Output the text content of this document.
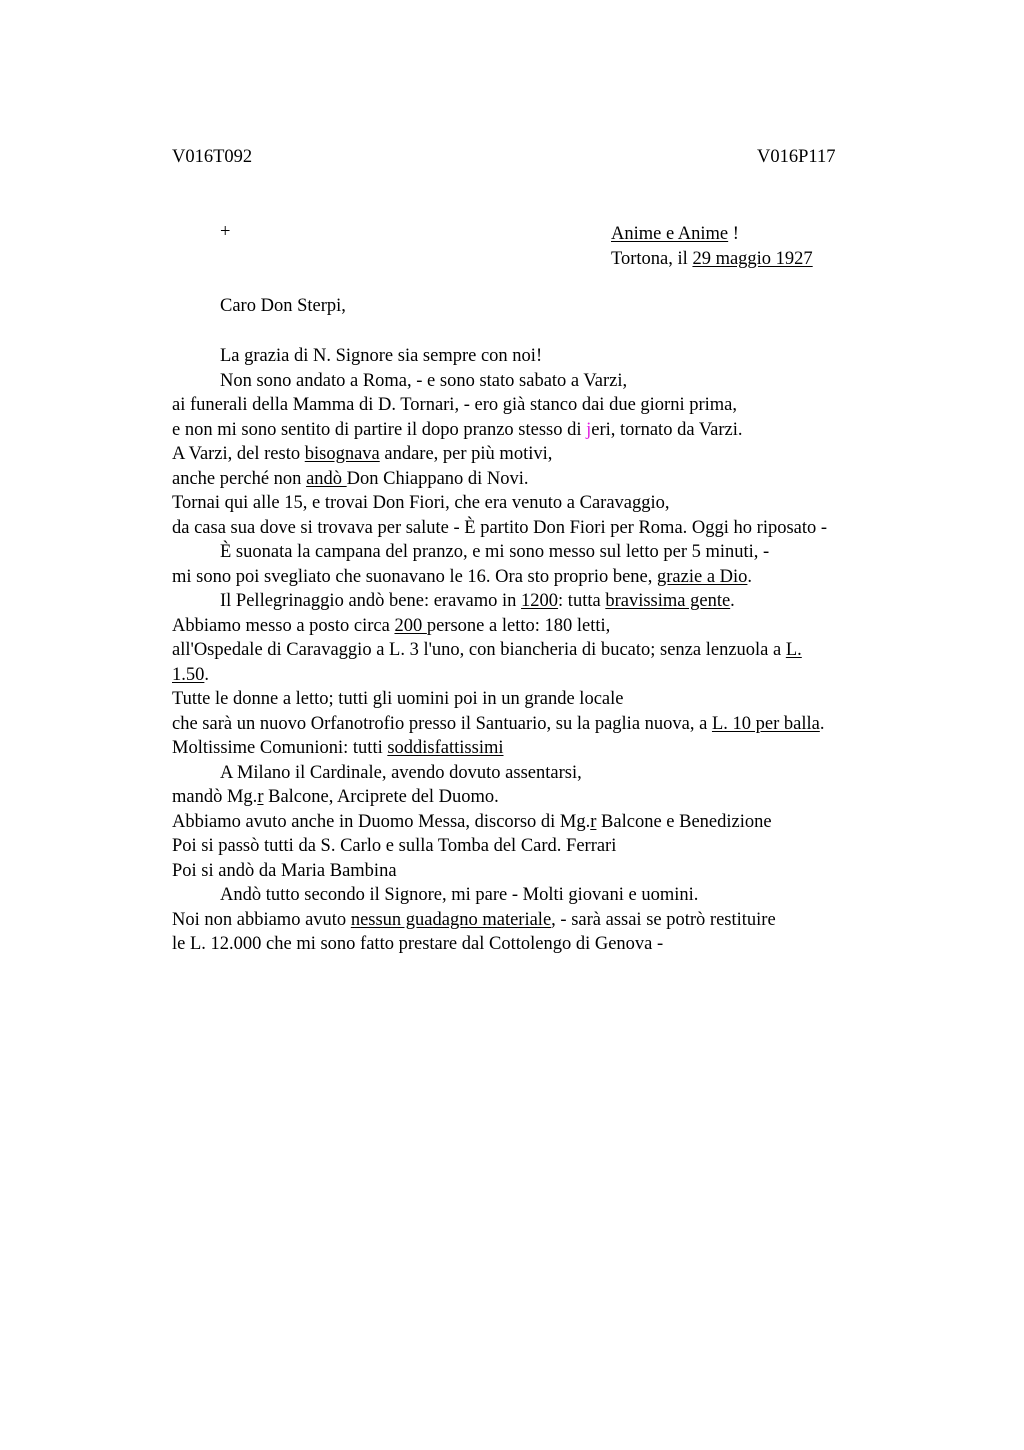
V016T092	V016P117
+	Anime e Anime !
Tortona, il 29 maggio 1927
Caro Don Sterpi,
La grazia di N. Signore sia sempre con noi!
Non sono andato a Roma, - e sono stato sabato a Varzi,
ai funerali della Mamma di D. Tornari, - ero già stanco dai due giorni prima,
e non mi sono sentito di partire il dopo pranzo stesso di jeri, tornato da Varzi.
A Varzi, del resto bisognava andare, per più motivi,
anche perché non andò Don Chiappano di Novi.
Tornai qui alle 15, e trovai Don Fiori, che era venuto a Caravaggio,
da casa sua dove si trovava per salute - È partito Don Fiori per Roma. Oggi ho riposato -
È suonata la campana del pranzo, e mi sono messo sul letto per 5 minuti, -
mi sono poi svegliato che suonavano le 16. Ora sto proprio bene, grazie a Dio.
Il Pellegrinaggio andò bene: eravamo in 1200: tutta bravissima gente.
Abbiamo messo a posto circa 200 persone a letto: 180 letti,
all'Ospedale di Caravaggio a L. 3 l'uno, con biancheria di bucato; senza lenzuola a L.
1.50.
Tutte le donne a letto; tutti gli uomini poi in un grande locale
che sarà un nuovo Orfanotrofio presso il Santuario, su la paglia nuova, a L. 10 per balla.
Moltissime Comunioni: tutti soddisfattissimi
A Milano il Cardinale, avendo dovuto assentarsi,
mandò Mg.r Balcone, Arciprete del Duomo.
Abbiamo avuto anche in Duomo Messa, discorso di Mg.r Balcone e Benedizione
Poi si passò tutti da S. Carlo e sulla Tomba del Card. Ferrari
Poi si andò da Maria Bambina
Andò tutto secondo il Signore, mi pare - Molti giovani e uomini.
Noi non abbiamo avuto nessun guadagno materiale, - sarà assai se potrò restituire
le L. 12.000 che mi sono fatto prestare dal Cottolengo di Genova -
